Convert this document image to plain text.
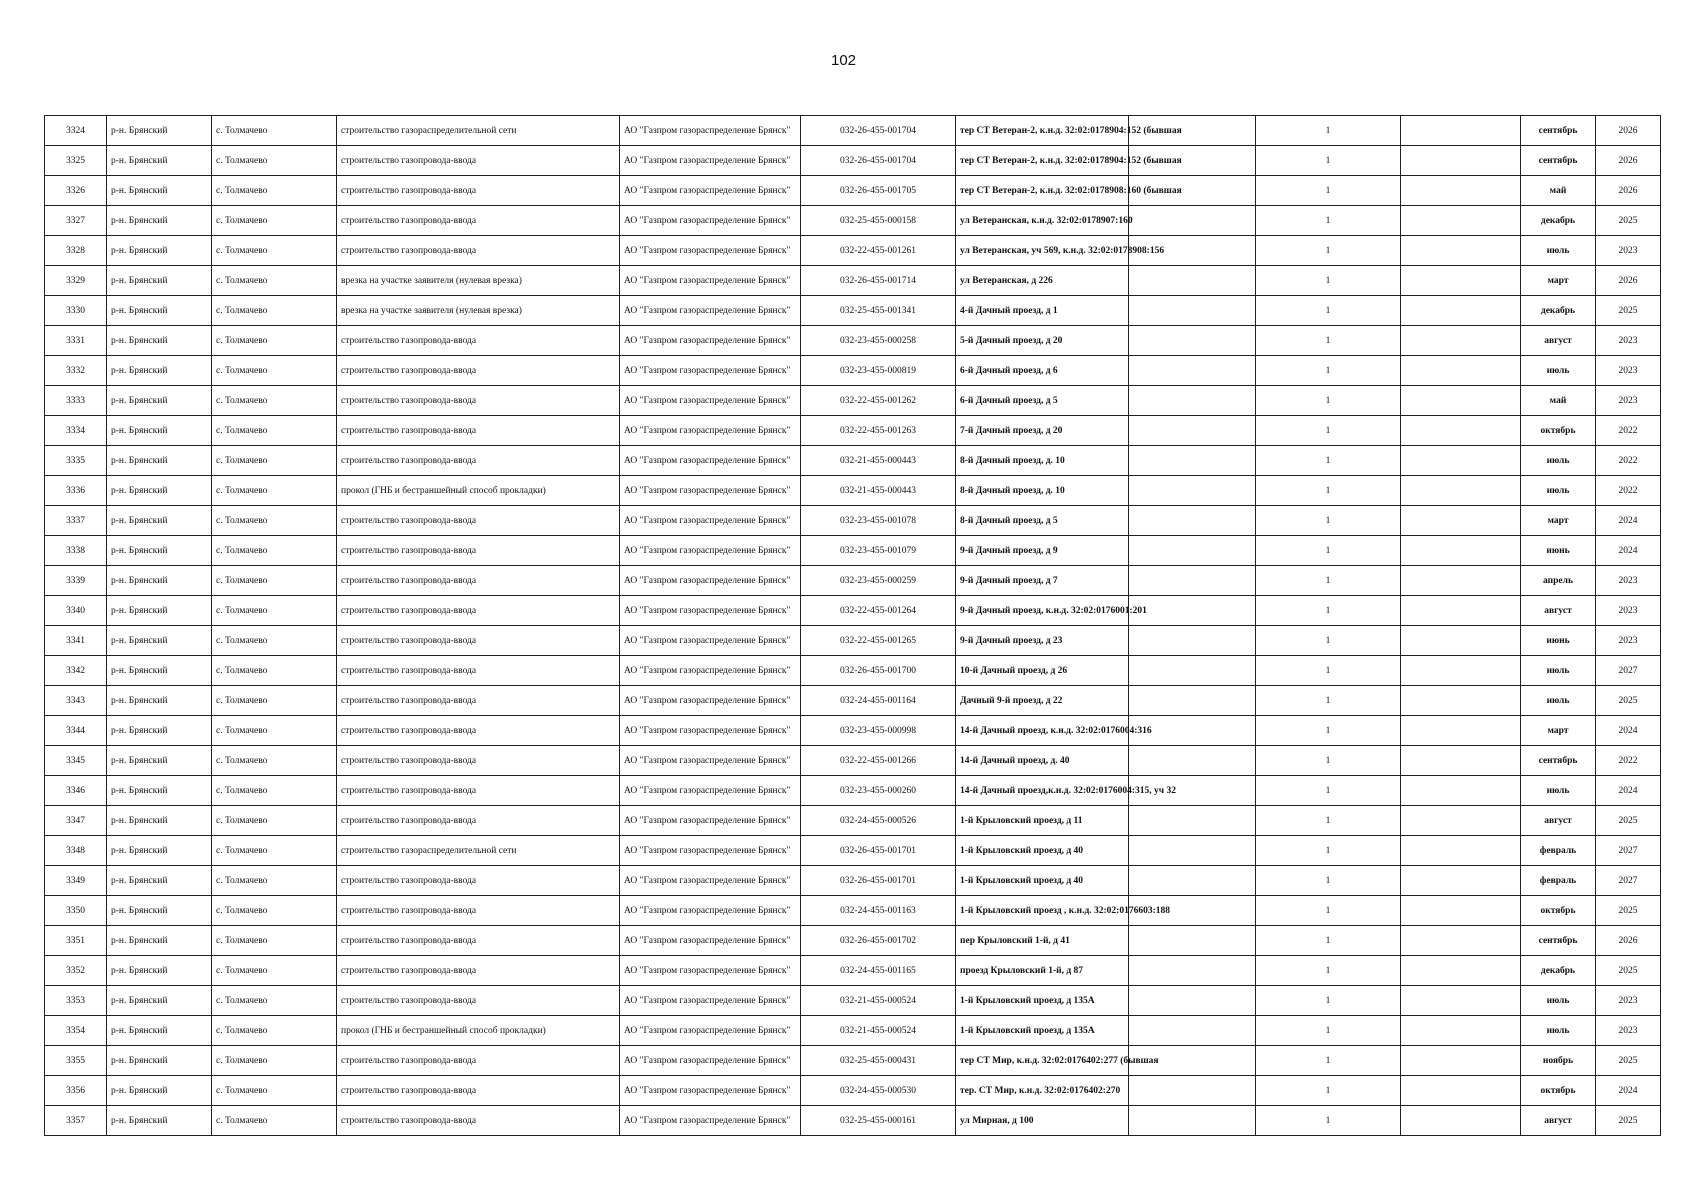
102
3324	р-н. Брянский	с. Толмачево	строительство газораспределительной сети	АО "Газпром газораспределение Брянск"	032-26-455-001704	тер СТ Ветеран-2, к.н.д. 32:02:0178904:152 (бывшая		1		сентябрь	2026
3325	р-н. Брянский	с. Толмачево	строительство газопровода-ввода	АО "Газпром газораспределение Брянск"	032-26-455-001704	тер СТ Ветеран-2, к.н.д. 32:02:0178904:152 (бывшая		1		сентябрь	2026
3326	р-н. Брянский	с. Толмачево	строительство газопровода-ввода	АО "Газпром газораспределение Брянск"	032-26-455-001705	тер СТ Ветеран-2, к.н.д. 32:02:0178908:160 (бывшая		1		май	2026
3327	р-н. Брянский	с. Толмачево	строительство газопровода-ввода	АО "Газпром газораспределение Брянск"	032-25-455-000158	ул Ветеранская, к.н.д. 32:02:0178907:160		1		декабрь	2025
3328	р-н. Брянский	с. Толмачево	строительство газопровода-ввода	АО "Газпром газораспределение Брянск"	032-22-455-001261	ул Ветеранская, уч 569, к.н.д. 32:02:0178908:156		1		июль	2023
3329	р-н. Брянский	с. Толмачево	врезка на участке заявителя (нулевая врезка)	АО "Газпром газораспределение Брянск"	032-26-455-001714	ул Ветеранская, д 226		1		март	2026
3330	р-н. Брянский	с. Толмачево	врезка на участке заявителя (нулевая врезка)	АО "Газпром газораспределение Брянск"	032-25-455-001341	4-й Дачный проезд, д 1		1		декабрь	2025
3331	р-н. Брянский	с. Толмачево	строительство газопровода-ввода	АО "Газпром газораспределение Брянск"	032-23-455-000258	5-й Дачный проезд, д 20		1		август	2023
3332	р-н. Брянский	с. Толмачево	строительство газопровода-ввода	АО "Газпром газораспределение Брянск"	032-23-455-000819	6-й Дачный проезд, д 6		1		июль	2023
3333	р-н. Брянский	с. Толмачево	строительство газопровода-ввода	АО "Газпром газораспределение Брянск"	032-22-455-001262	6-й Дачный проезд, д 5		1		май	2023
3334	р-н. Брянский	с. Толмачево	строительство газопровода-ввода	АО "Газпром газораспределение Брянск"	032-22-455-001263	7-й Дачный проезд, д 20		1		октябрь	2022
3335	р-н. Брянский	с. Толмачево	строительство газопровода-ввода	АО "Газпром газораспределение Брянск"	032-21-455-000443	8-й Дачный проезд, д. 10		1		июль	2022
3336	р-н. Брянский	с. Толмачево	прокол (ГНБ и бестраншейный способ прокладки)	АО "Газпром газораспределение Брянск"	032-21-455-000443	8-й Дачный проезд, д. 10		1		июль	2022
3337	р-н. Брянский	с. Толмачево	строительство газопровода-ввода	АО "Газпром газораспределение Брянск"	032-23-455-001078	8-й Дачный проезд, д 5		1		март	2024
3338	р-н. Брянский	с. Толмачево	строительство газопровода-ввода	АО "Газпром газораспределение Брянск"	032-23-455-001079	9-й Дачный проезд, д 9		1		июнь	2024
3339	р-н. Брянский	с. Толмачево	строительство газопровода-ввода	АО "Газпром газораспределение Брянск"	032-23-455-000259	9-й Дачный проезд, д 7		1		апрель	2023
3340	р-н. Брянский	с. Толмачево	строительство газопровода-ввода	АО "Газпром газораспределение Брянск"	032-22-455-001264	9-й Дачный проезд, к.н.д. 32:02:0176001:201		1		август	2023
3341	р-н. Брянский	с. Толмачево	строительство газопровода-ввода	АО "Газпром газораспределение Брянск"	032-22-455-001265	9-й Дачный проезд, д 23		1		июнь	2023
3342	р-н. Брянский	с. Толмачево	строительство газопровода-ввода	АО "Газпром газораспределение Брянск"	032-26-455-001700	10-й Дачный проезд, д 26		1		июль	2027
3343	р-н. Брянский	с. Толмачево	строительство газопровода-ввода	АО "Газпром газораспределение Брянск"	032-24-455-001164	Дачный 9-й проезд, д 22		1		июль	2025
3344	р-н. Брянский	с. Толмачево	строительство газопровода-ввода	АО "Газпром газораспределение Брянск"	032-23-455-000998	14-й Дачный проезд, к.н.д. 32:02:0176004:316		1		март	2024
3345	р-н. Брянский	с. Толмачево	строительство газопровода-ввода	АО "Газпром газораспределение Брянск"	032-22-455-001266	14-й Дачный проезд, д. 40		1		сентябрь	2022
3346	р-н. Брянский	с. Толмачево	строительство газопровода-ввода	АО "Газпром газораспределение Брянск"	032-23-455-000260	14-й Дачный проезд,к.н.д. 32:02:0176004:315, уч 32		1		июль	2024
3347	р-н. Брянский	с. Толмачево	строительство газопровода-ввода	АО "Газпром газораспределение Брянск"	032-24-455-000526	1-й Крыловский проезд, д 11		1		август	2025
3348	р-н. Брянский	с. Толмачево	строительство газораспределительной сети	АО "Газпром газораспределение Брянск"	032-26-455-001701	1-й Крыловский проезд, д 40		1		февраль	2027
3349	р-н. Брянский	с. Толмачево	строительство газопровода-ввода	АО "Газпром газораспределение Брянск"	032-26-455-001701	1-й Крыловский проезд, д 40		1		февраль	2027
3350	р-н. Брянский	с. Толмачево	строительство газопровода-ввода	АО "Газпром газораспределение Брянск"	032-24-455-001163	1-й Крыловский проезд , к.н.д. 32:02:0176603:188		1		октябрь	2025
3351	р-н. Брянский	с. Толмачево	строительство газопровода-ввода	АО "Газпром газораспределение Брянск"	032-26-455-001702	пер Крыловский 1-й, д 41		1		сентябрь	2026
3352	р-н. Брянский	с. Толмачево	строительство газопровода-ввода	АО "Газпром газораспределение Брянск"	032-24-455-001165	проезд Крыловский 1-й, д 87		1		декабрь	2025
3353	р-н. Брянский	с. Толмачево	строительство газопровода-ввода	АО "Газпром газораспределение Брянск"	032-21-455-000524	1-й Крыловский проезд, д 135А		1		июль	2023
3354	р-н. Брянский	с. Толмачево	прокол (ГНБ и бестраншейный способ прокладки)	АО "Газпром газораспределение Брянск"	032-21-455-000524	1-й Крыловский проезд, д 135А		1		июль	2023
3355	р-н. Брянский	с. Толмачево	строительство газопровода-ввода	АО "Газпром газораспределение Брянск"	032-25-455-000431	тер СТ Мир, к.н.д. 32:02:0176402:277 (бывшая		1		ноябрь	2025
3356	р-н. Брянский	с. Толмачево	строительство газопровода-ввода	АО "Газпром газораспределение Брянск"	032-24-455-000530	тер. СТ Мир, к.н.д. 32:02:0176402:270		1		октябрь	2024
3357	р-н. Брянский	с. Толмачево	строительство газопровода-ввода	АО "Газпром газораспределение Брянск"	032-25-455-000161	ул Мирная, д 100		1		август	2025
